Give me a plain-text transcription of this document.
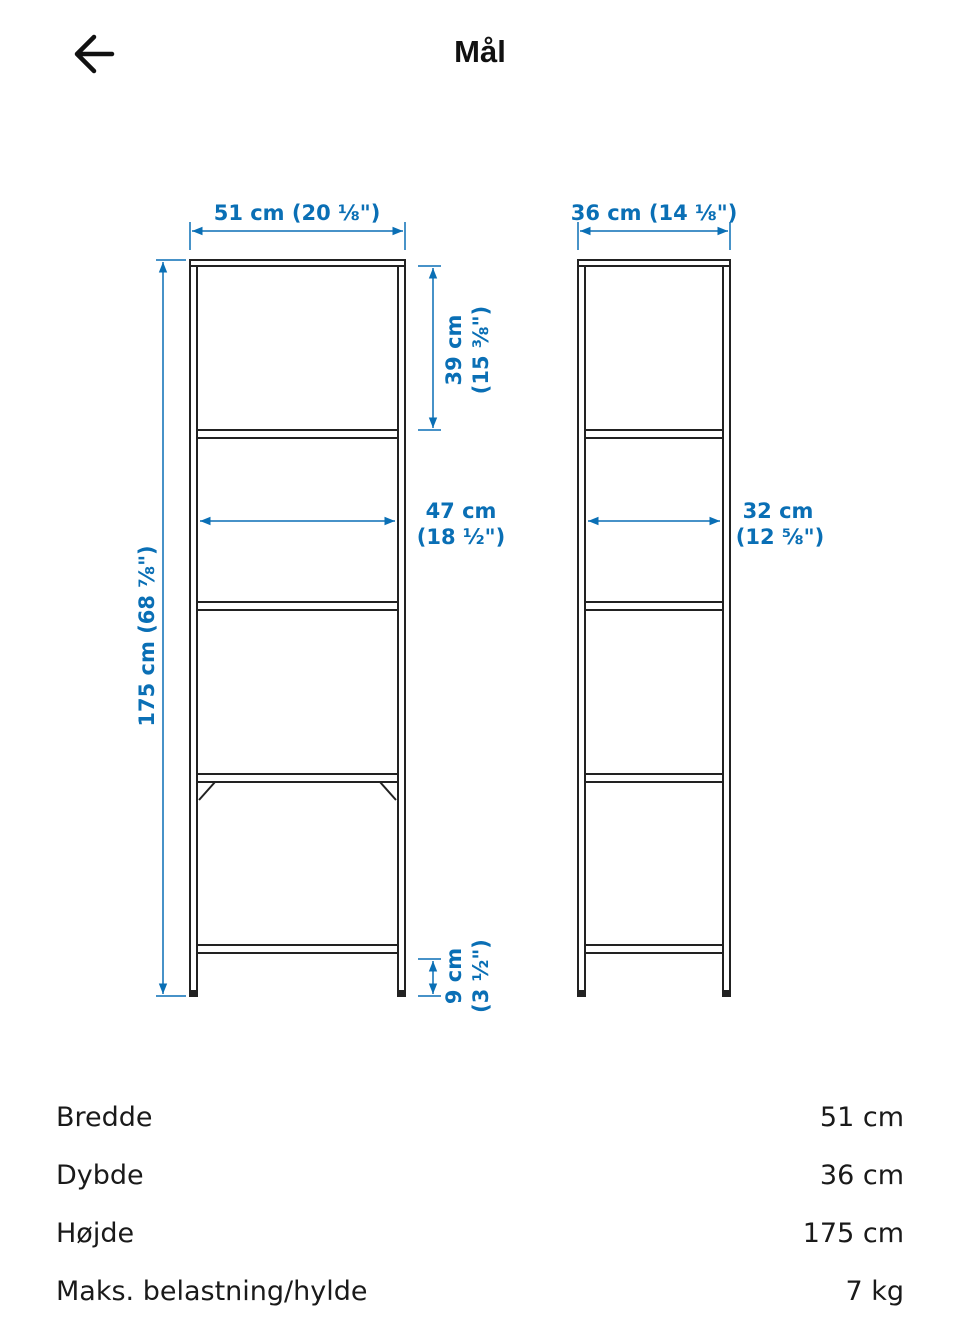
Mål
51 cm (20 ⅛")	36 cm (14 ⅛")
175 cm (68 ⅞")
39 cm (15 ⅜")
47 cm
(18 ½")
32 cm
(12 ⅝")
9 cm (3 ½")
Bredde	51 cm
Dybde	36 cm
Højde	175 cm
Maks. belastning/hylde	7 kg
